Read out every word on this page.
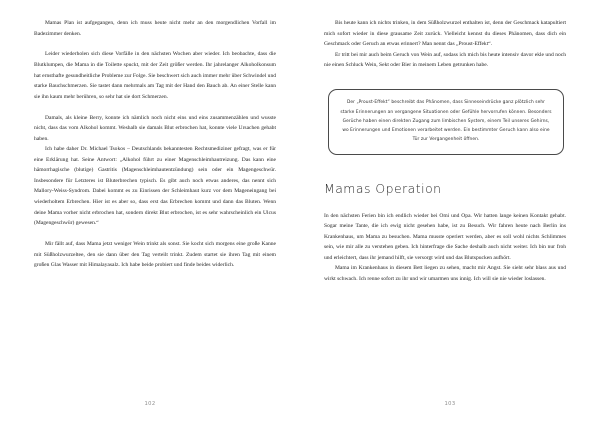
Mamas Plan ist aufgegangen, denn ich muss heute nicht mehr an den morgendlichen Vorfall im Badezimmer denken.

Leider wiederholen sich diese Vorfälle in den nächsten Wochen aber wieder. Ich beobachte, dass die Blutklumpen, die Mama in die Toilette spuckt, mit der Zeit größer werden. Ihr jahrelanger Alkoholkonsum hat ernsthafte gesundheitliche Probleme zur Folge. Sie beschwert sich auch immer mehr über Schwindel und starke Bauchschmerzen. Sie tastet dann mehrmals am Tag mit der Hand den Bauch ab. An einer Stelle kann sie ihn kaum mehr berühren, so sehr hat sie dort Schmerzen.

Damals, als kleine Berry, konnte ich nämlich noch nicht eins und eins zusammenzählen und wusste nicht, dass das vom Alkohol kommt. Weshalb sie damals Blut erbrochen hat, konnte viele Ursachen gehabt haben.

Ich habe daher Dr. Michael Tsokos – Deutschlands bekanntesten Rechtsmediziner gefragt, was er für eine Erklärung hat. Seine Antwort: „Alkohol führt zu einer Magenschleimhautreizung. Das kann eine hämorrhagische (blutige) Gastritis (Magenschleimhautentzündung) sein oder ein Magengeschwür. Insbesondere für Letzteres ist Bluterbrechen typisch. Es gibt auch noch etwas anderes, das nennt sich Mallory-Weiss-Syndrom. Dabei kommt es zu Einrissen der Schleimhaut kurz vor dem Mageneingang bei wiederholtem Erbrechen. Hier ist es aber so, dass erst das Erbrechen kommt und dann das Bluten. Wenn deine Mama vorher nicht erbrochen hat, sondern direkt Blut erbrochen, ist es sehr wahrscheinlich ein Ulcus (Magengeschwür) gewesen.“

Mir fällt auf, dass Mama jetzt weniger Wein trinkt als sonst. Sie kocht sich morgens eine große Kanne mit Süßholzwurzeltee, den sie dann über den Tag verteilt trinkt. Zudem startet sie ihren Tag mit einem großen Glas Wasser mit Himalayasalz. Ich habe beide probiert und finde beides widerlich.

102

Bis heute kann ich nichts trinken, in dem Süßholzwurzel enthalten ist, denn der Geschmack katapultiert mich sofort wieder in diese grausame Zeit zurück. Vielleicht kennst du dieses Phänomen, dass dich ein Geschmack oder Geruch an etwas erinnert? Man nennt das „Proust-Effekt“.

Er tritt bei mir auch beim Geruch von Wein auf, sodass ich mich bis heute intensiv davor ekle und noch nie einen Schluck Wein, Sekt oder Bier in meinem Leben getrunken habe.

Der „Proust-Effekt“ beschreibt das Phänomen, dass Sinneseindrücke ganz plötzlich sehr starke Erinnerungen an vergangene Situationen oder Gefühle hervorrufen können. Besonders Gerüche haben einen direkten Zugang zum limbischen System, einem Teil unseres Gehirns, wo Erinnerungen und Emotionen verarbeitet werden. Ein bestimmter Geruch kann also eine Tür zur Vergangenheit öffnen.
Mamas Operation

In den nächsten Ferien bin ich endlich wieder bei Omi und Opa. Wir hatten lange keinen Kontakt gehabt. Sogar meine Tante, die ich ewig nicht gesehen habe, ist zu Besuch. Wir fahren heute nach Berlin ins Krankenhaus, um Mama zu besuchen. Mama musste operiert werden, aber es soll wohl nichts Schlimmes sein, wie mir alle zu verstehen geben. Ich hinterfrage die Sache deshalb auch nicht weiter. Ich bin nur froh und erleichtert, dass ihr jemand hilft, sie versorgt wird und das Blutspucken aufhört.

Mama im Krankenhaus in diesem Bett liegen zu sehen, macht mir Angst. Sie sieht sehr blass aus und wirkt schwach. Ich renne sofort zu ihr und wir umarmen uns innig. Ich will sie nie wieder loslassen.

103
